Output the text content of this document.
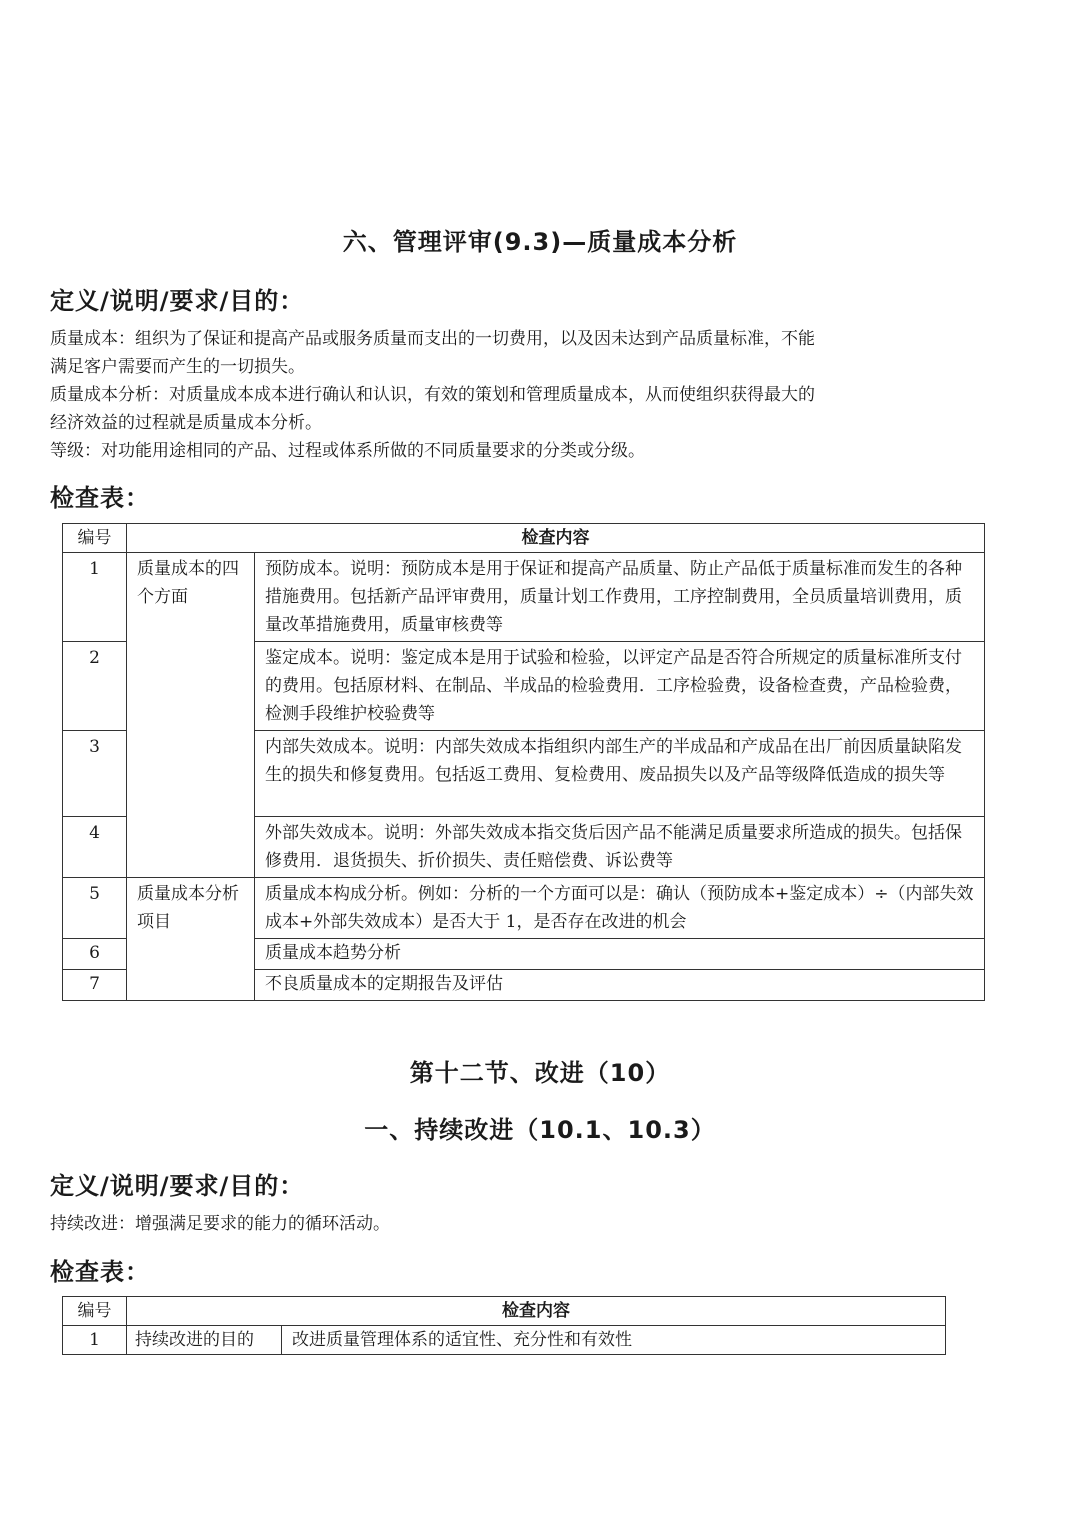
六、管理评审(9.3)—质量成本分析
定义/说明/要求/目的：
质量成本：组织为了保证和提高产品或服务质量而支出的一切费用，以及因未达到产品质量标准，不能
满足客户需要而产生的一切损失。
质量成本分析：对质量成本成本进行确认和认识，有效的策划和管理质量成本，从而使组织获得最大的
经济效益的过程就是质量成本分析。
等级：对功能用途相同的产品、过程或体系所做的不同质量要求的分类或分级。
检查表：
编号	检查内容	
1	质量成本的四个方面	预防成本。说明：预防成本是用于保证和提高产品质量、防止产品低于质量标准而发生的各种措施费用。包括新产品评审费用，质量计划工作费用，工序控制费用，全员质量培训费用，质量改革措施费用，质量审核费等
2		鉴定成本。说明：鉴定成本是用于试验和检验，以评定产品是否符合所规定的质量标准所支付的费用。包括原材料、在制品、半成品的检验费用．工序检验费，设备检查费，产品检验费，检测手段维护校验费等
3		内部失效成本。说明：内部失效成本指组织内部生产的半成品和产成品在出厂前因质量缺陷发生的损失和修复费用。包括返工费用、复检费用、废品损失以及产品等级降低造成的损失等
4		外部失效成本。说明：外部失效成本指交货后因产品不能满足质量要求所造成的损失。包括保修费用．退货损失、折价损失、责任赔偿费、诉讼费等
5	质量成本分析项目	质量成本构成分析。例如：分析的一个方面可以是：确认（预防成本+鉴定成本）÷（内部失效成本+外部失效成本）是否大于 1，是否存在改进的机会
6		质量成本趋势分析
7		不良质量成本的定期报告及评估
第十二节、改进（10）
一、持续改进（10.1、10.3）
定义/说明/要求/目的：
持续改进：增强满足要求的能力的循环活动。
检查表：
编号	检查内容	
1	持续改进的目的	改进质量管理体系的适宜性、充分性和有效性
